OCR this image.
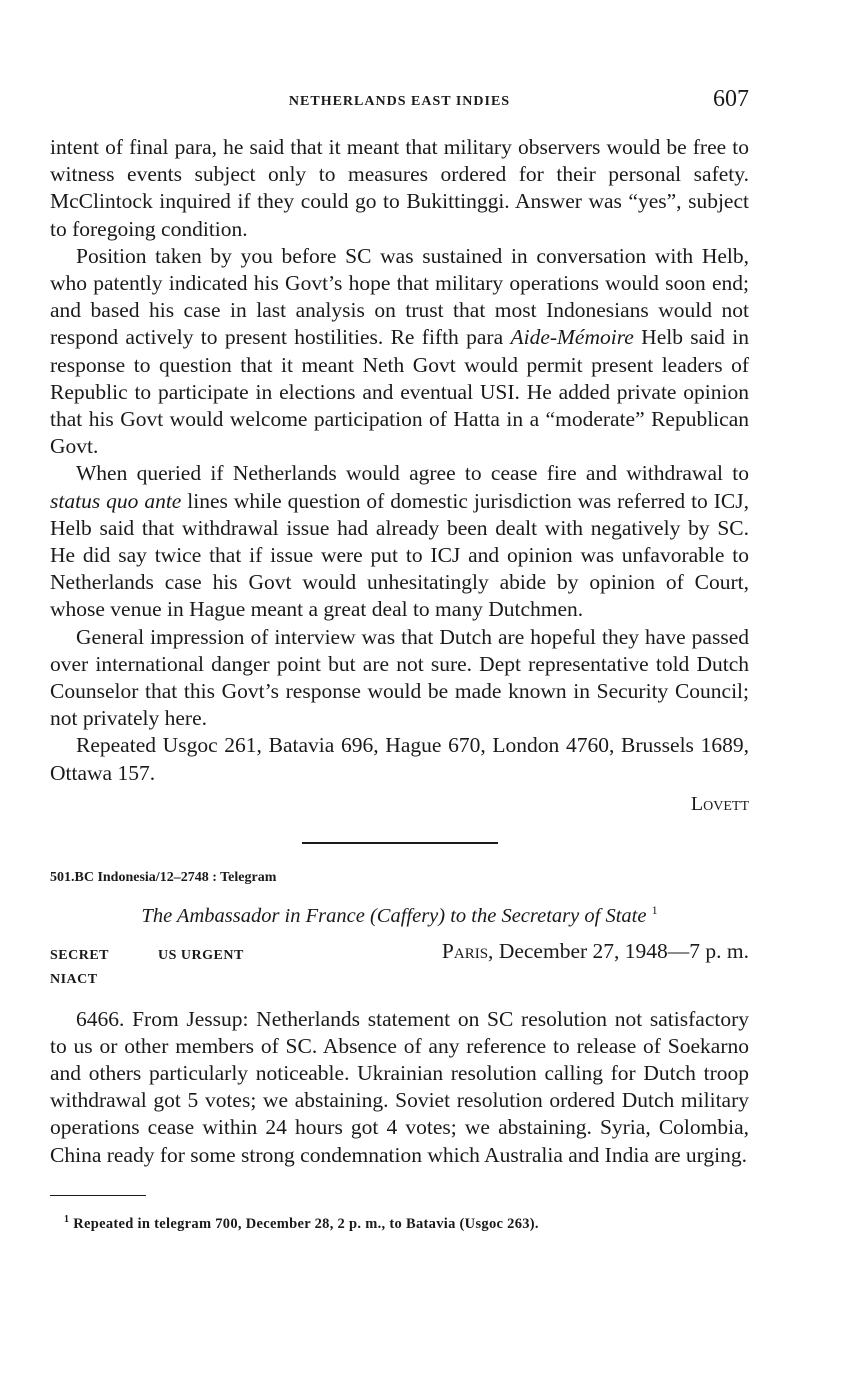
NETHERLANDS EAST INDIES	607

intent of final para, he said that it meant that military observers would be free to witness events subject only to measures ordered for their personal safety. McClintock inquired if they could go to Bukittinggi. Answer was “yes”, subject to foregoing condition.

Position taken by you before SC was sustained in conversation with Helb, who patently indicated his Govt’s hope that military operations would soon end; and based his case in last analysis on trust that most Indonesians would not respond actively to present hostilities. Re fifth para Aide-Mémoire Helb said in response to question that it meant Neth Govt would permit present leaders of Republic to participate in elections and eventual USI. He added private opinion that his Govt would welcome participation of Hatta in a “moderate” Republican Govt.

When queried if Netherlands would agree to cease fire and withdrawal to status quo ante lines while question of domestic jurisdiction was referred to ICJ, Helb said that withdrawal issue had already been dealt with negatively by SC. He did say twice that if issue were put to ICJ and opinion was unfavorable to Netherlands case his Govt would unhesitatingly abide by opinion of Court, whose venue in Hague meant a great deal to many Dutchmen.

General impression of interview was that Dutch are hopeful they have passed over international danger point but are not sure. Dept representative told Dutch Counselor that this Govt’s response would be made known in Security Council; not privately here.

Repeated Usgoc 261, Batavia 696, Hague 670, London 4760, Brussels 1689, Ottawa 157.

Lovett
501.BC Indonesia/12–2748 : Telegram
The Ambassador in France (Caffery) to the Secretary of State $^1$
SECRET	US URGENT	Paris, December 27, 1948—7 p. m.
NIACT

6466. From Jessup: Netherlands statement on SC resolution not satisfactory to us or other members of SC. Absence of any reference to release of Soekarno and others particularly noticeable. Ukrainian resolution calling for Dutch troop withdrawal got 5 votes; we abstaining. Soviet resolution ordered Dutch military operations cease within 24 hours got 4 votes; we abstaining. Syria, Colombia, China ready for some strong condemnation which Australia and India are urging.

$^1$ Repeated in telegram 700, December 28, 2 p. m., to Batavia (Usgoc 263).
